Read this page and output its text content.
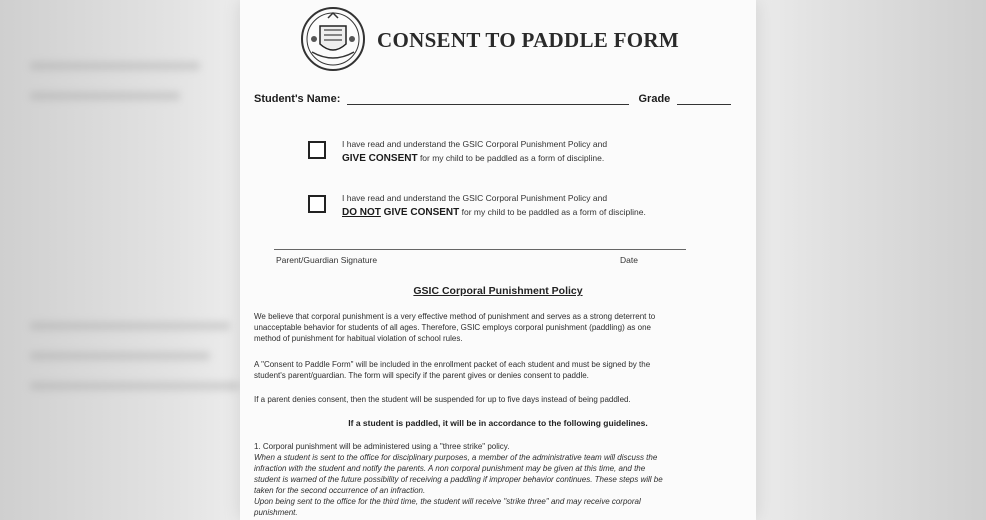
CONSENT TO PADDLE FORM
Student's Name:	Grade
I have read and understand the GSIC Corporal Punishment Policy and
GIVE CONSENT for my child to be paddled as a form of discipline.
I have read and understand the GSIC Corporal Punishment Policy and
DO NOT GIVE CONSENT for my child to be paddled as a form of discipline.
Parent/Guardian Signature	Date
GSIC Corporal Punishment Policy

We believe that corporal punishment is a very effective method of punishment and serves as a strong deterrent to

unacceptable behavior for students of all ages. Therefore, GSIC employs corporal punishment (paddling) as one

method of punishment for habitual violation of school rules.

A "Consent to Paddle Form" will be included in the enrollment packet of each student and must be signed by the

student's parent/guardian. The form will specify if the parent gives or denies consent to paddle.

If a parent denies consent, then the student will be suspended for up to five days instead of being paddled.

If a student is paddled, it will be in accordance to the following guidelines.

1. Corporal punishment will be administered using a "three strike" policy.

When a student is sent to the office for disciplinary purposes, a member of the administrative team will discuss the

infraction with the student and notify the parents. A non corporal punishment may be given at this time, and the

student is warned of the future possibility of receiving a paddling if improper behavior continues. These steps will be

taken for the second occurrence of an infraction.

Upon being sent to the office for the third time, the student will receive "strike three" and may receive corporal

punishment.
